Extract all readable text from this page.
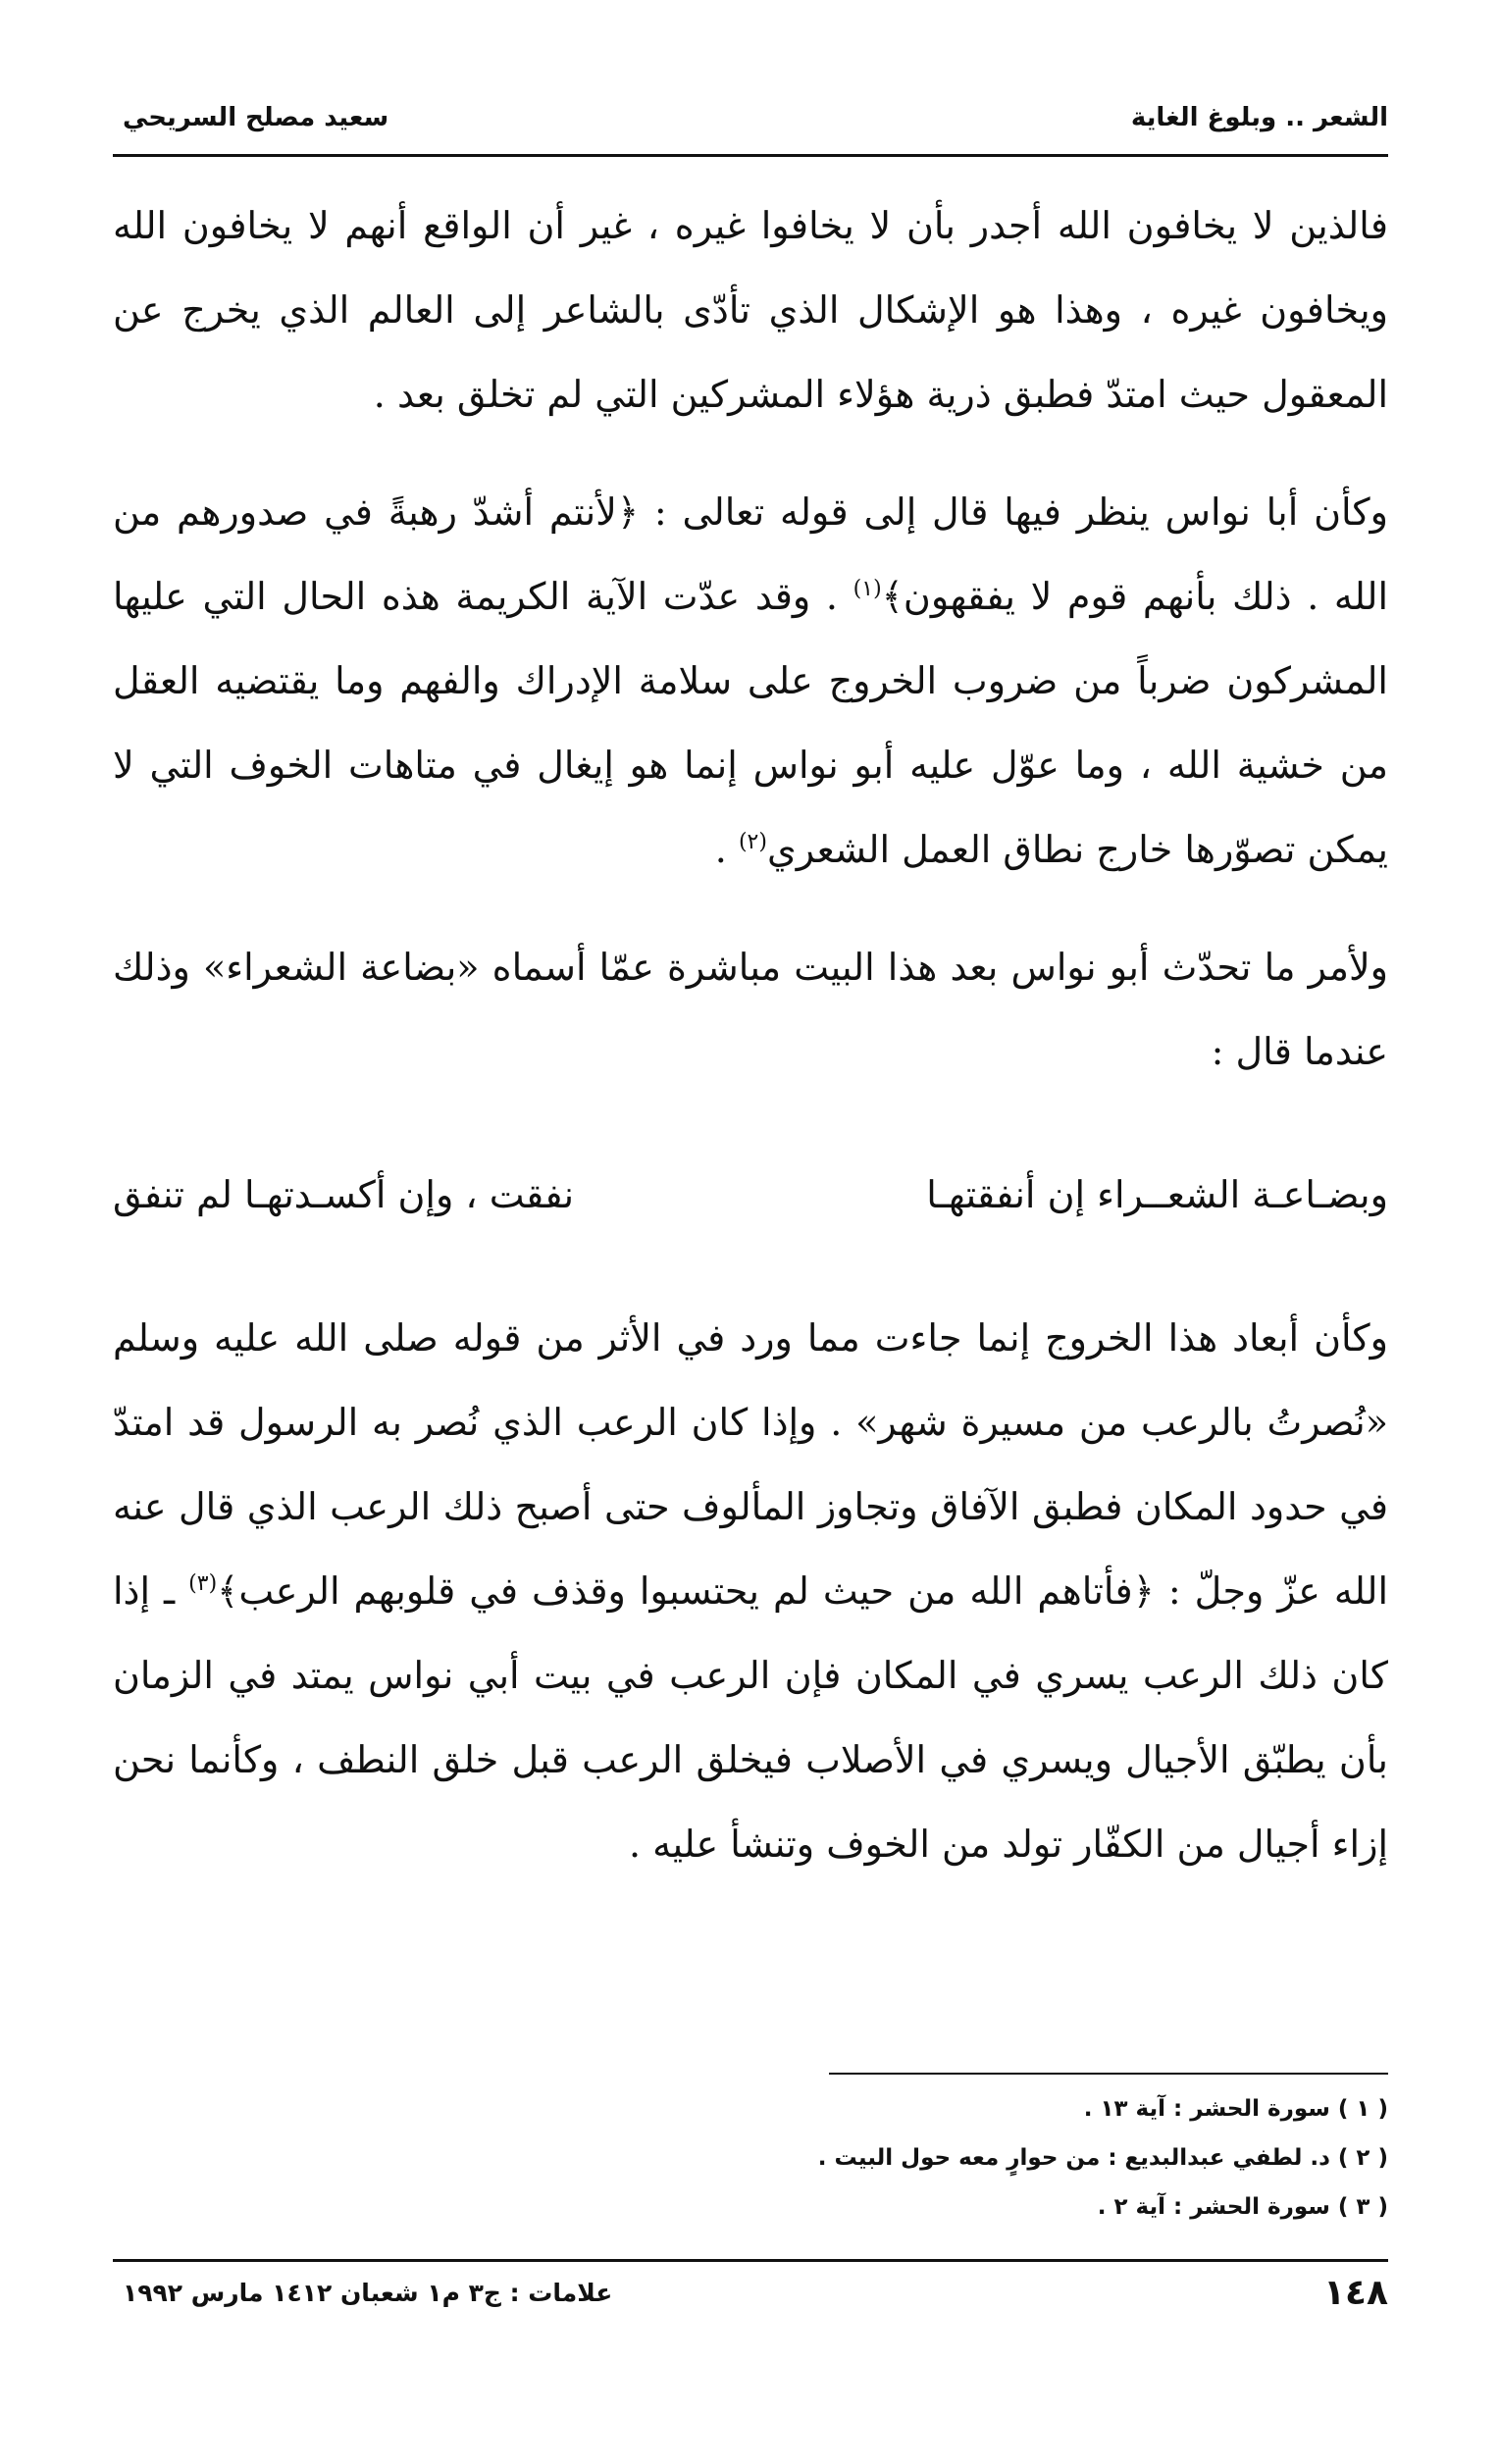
الشعر .. وبلوغ الغاية
سعيد مصلح السريحي

فالذين لا يخافون الله أجدر بأن لا يخافوا غيره ، غير أن الواقع أنهم لا يخافون الله ويخافون غيره ، وهذا هو الإشكال الذي تأدّى بالشاعر إلى العالم الذي يخرج عن المعقول حيث امتدّ فطبق ذرية هؤلاء المشركين التي لم تخلق بعد .

وكأن أبا نواس ينظر فيها قال إلى قوله تعالى : ﴿لأنتم أشدّ رهبةً في صدورهم من الله . ذلك بأنهم قوم لا يفقهون﴾$^{(١)}$ . وقد عدّت الآية الكريمة هذه الحال التي عليها المشركون ضرباً من ضروب الخروج على سلامة الإدراك والفهم وما يقتضيه العقل من خشية الله ، وما عوّل عليه أبو نواس إنما هو إيغال في متاهات الخوف التي لا يمكن تصوّرها خارج نطاق العمل الشعري$^{(٢)}$ .

ولأمر ما تحدّث أبو نواس بعد هذا البيت مباشرة عمّا أسماه «بضاعة الشعراء» وذلك عندما قال :

وبضـاعـة الشعــراء إن أنفقتهـا
نفقت ، وإن أكسـدتهـا لم تنفق

وكأن أبعاد هذا الخروج إنما جاءت مما ورد في الأثر من قوله صلى الله عليه وسلم «نُصرتُ بالرعب من مسيرة شهر» . وإذا كان الرعب الذي نُصر به الرسول قد امتدّ في حدود المكان فطبق الآفاق وتجاوز المألوف حتى أصبح ذلك الرعب الذي قال عنه الله عزّ وجلّ : ﴿فأتاهم الله من حيث لم يحتسبوا وقذف في قلوبهم الرعب﴾$^{(٣)}$ ـ إذا كان ذلك الرعب يسري في المكان فإن الرعب في بيت أبي نواس يمتد في الزمان بأن يطبّق الأجيال ويسري في الأصلاب فيخلق الرعب قبل خلق النطف ، وكأنما نحن إزاء أجيال من الكفّار تولد من الخوف وتنشأ عليه .

( ١ ) سورة الحشر : آية ١٣ .

( ٢ ) د. لطفي عبدالبديع : من حوارٍ معه حول البيت .

( ٣ ) سورة الحشر : آية ٢ .

١٤٨
علامات : ج٣ م١ شعبان ١٤١٢ مارس ١٩٩٢
